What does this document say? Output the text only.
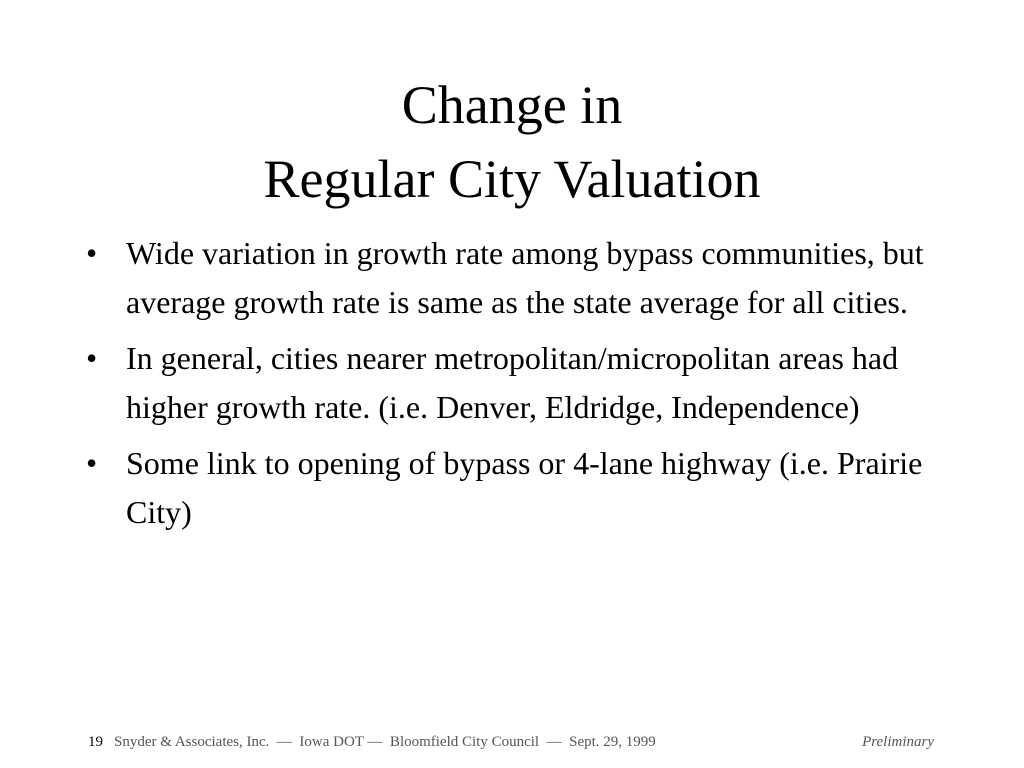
Change in
Regular City Valuation
• Wide variation in growth rate among bypass communities, but average growth rate is same as the state average for all cities.
• In general, cities nearer metropolitan/micropolitan areas had higher growth rate. (i.e. Denver, Eldridge, Independence)
• Some link to opening of bypass or 4-lane highway (i.e. Prairie City)
19 Snyder & Associates, Inc.  —  Iowa DOT —  Bloomfield City Council  —  Sept. 29, 1999	Preliminary
